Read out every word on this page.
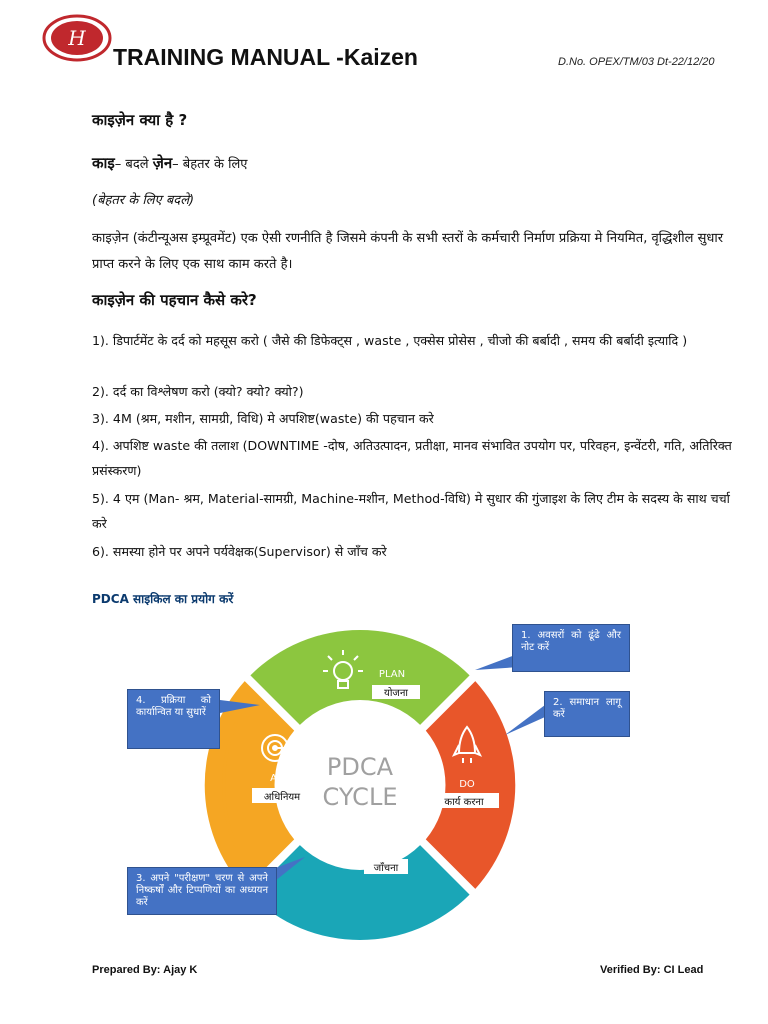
H
TRAINING MANUAL -Kaizen	D.No. OPEX/TM/03 Dt-22/12/20
काइज़ेन क्या है ?
काइ– बदले ज़ेन– बेहतर के लिए
(बेहतर के लिए बदले)
काइज़ेन (कंटीन्यूअस इम्प्रूवमेंट) एक ऐसी रणनीति है जिसमे कंपनी के सभी स्तरों के कर्मचारी निर्माण प्रक्रिया मे नियमित, वृद्धिशील सुधार प्राप्त करने के लिए एक साथ काम करते है।
काइज़ेन की पहचान कैसे करे?
1). डिपार्टमेंट के दर्द को महसूस करो ( जैसे की डिफेक्ट्स , waste , एक्सेस प्रोसेस , चीजो की बर्बादी , समय की बर्बादी इत्यादि )
2). दर्द का विश्लेषण करो (क्यो? क्यो? क्यो?)
3). 4M (श्रम, मशीन, सामग्री, विधि) मे अपशिष्ट(waste) की पहचान करे
4). अपशिष्ट waste की तलाश (DOWNTIME -दोष, अतिउत्पादन, प्रतीक्षा, मानव संभावित उपयोग पर, परिवहन, इन्वेंटरी, गति, अतिरिक्त प्रसंस्करण)
5). 4 एम (Man- श्रम, Material-सामग्री, Machine-मशीन, Method-विधि) मे सुधार की गुंजाइश के लिए टीम के सदस्य के साथ चर्चा करे
6). समस्या होने पर अपने पर्यवेक्षक(Supervisor) से जाँच करे
PDCA साइकिल का प्रयोग करें
PDCA
CYCLE
PLAN
योजना
DO
कार्य करना
CHECK
जाँचना
ACT
अधिनियम
1. अवसरों को ढूंढे और नोट करें
2. समाधान लागू करें
3. अपने "परीक्षण" चरण से अपने निष्कर्षों और टिप्पणियों का अध्ययन करें
4. प्रक्रिया को कार्यान्वित या सुधारें
Prepared By: Ajay K	Verified By: CI Lead
